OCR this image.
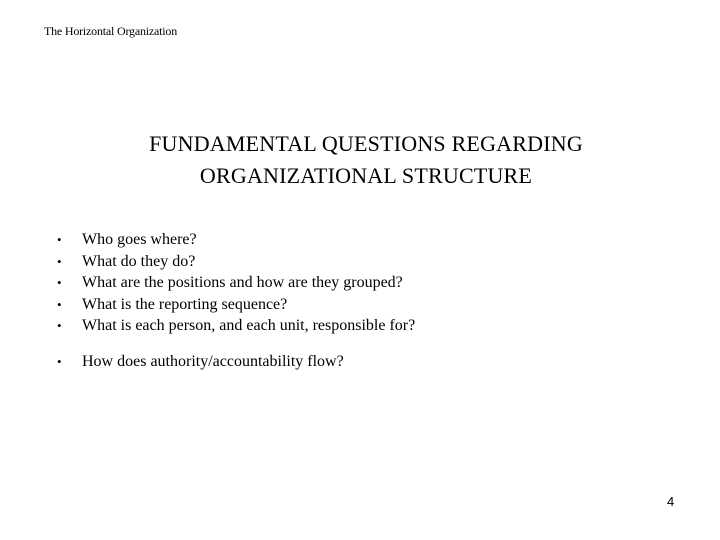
The Horizontal Organization
FUNDAMENTAL QUESTIONS REGARDING
ORGANIZATIONAL STRUCTURE
• Who goes where?
• What do they do?
• What are the positions and how are they grouped?
• What is the reporting sequence?
• What is each person, and each unit, responsible for?
• How does authority/accountability flow?
4
